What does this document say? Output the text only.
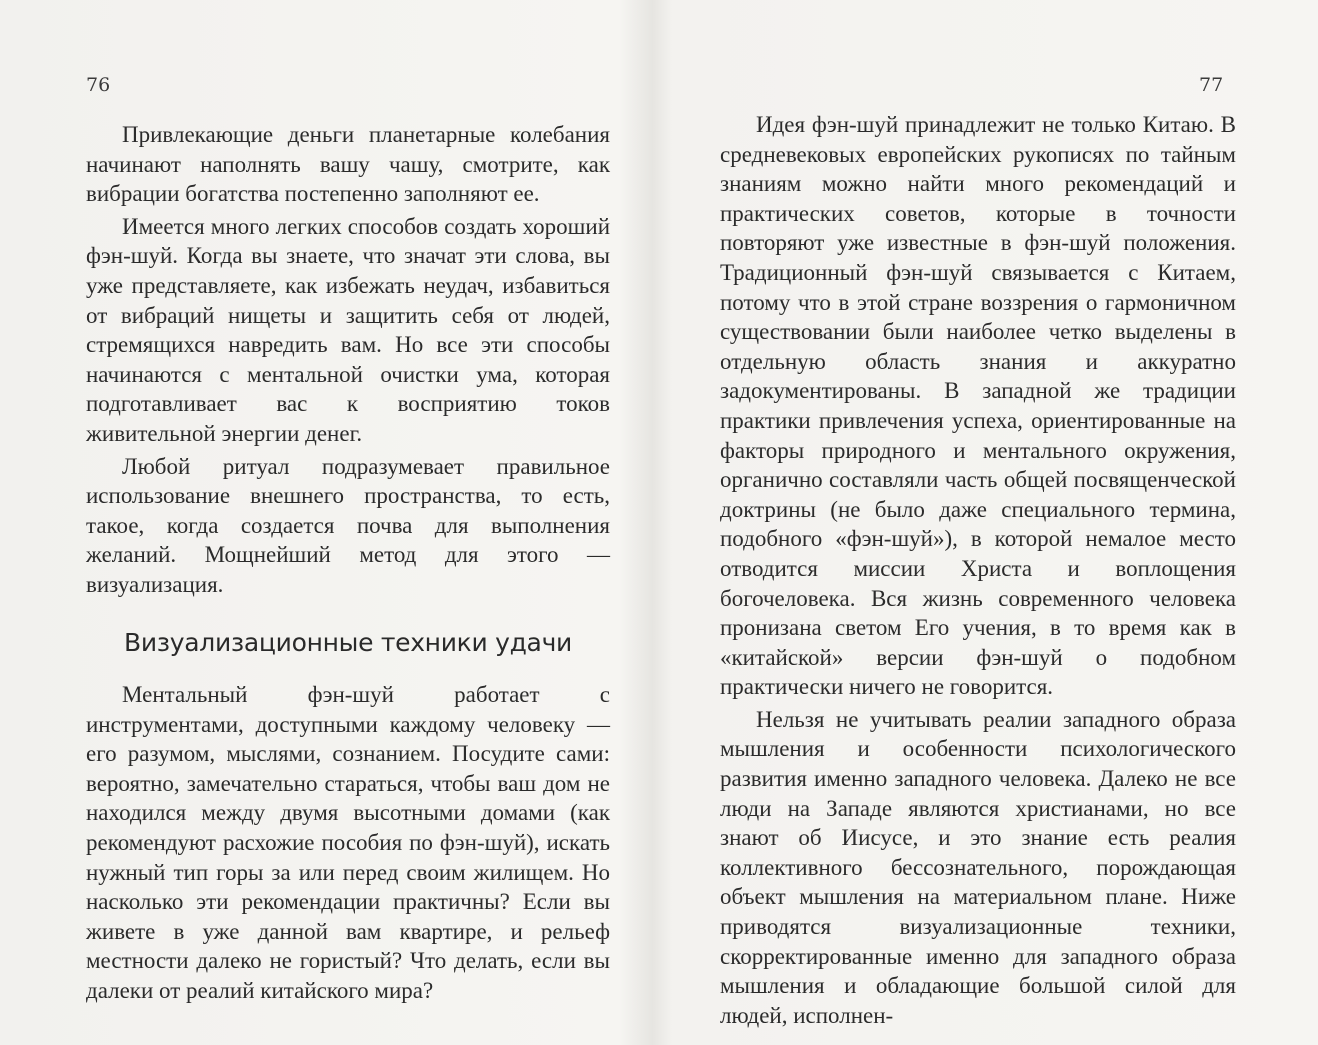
76

Привлекающие деньги планетарные колебания начинают наполнять вашу чашу, смотрите, как вибрации богатства постепенно заполняют ее.

Имеется много легких способов создать хороший фэн-шуй. Когда вы знаете, что значат эти слова, вы уже представляете, как избежать неудач, избавиться от вибраций нищеты и защитить себя от людей, стремящихся навредить вам. Но все эти способы начинаются с ментальной очистки ума, которая подготавливает вас к восприятию токов живительной энергии денег.

Любой ритуал подразумевает правильное использование внешнего пространства, то есть, такое, когда создается почва для выполнения желаний. Мощнейший метод для этого — визуализация.

Визуализационные техники удачи

Ментальный фэн-шуй работает с инструментами, доступными каждому человеку — его разумом, мыслями, сознанием. Посудите сами: вероятно, замечательно стараться, чтобы ваш дом не находился между двумя высотными домами (как рекомендуют расхожие пособия по фэн-шуй), искать нужный тип горы за или перед своим жилищем. Но насколько эти рекомендации практичны? Если вы живете в уже данной вам квартире, и рельеф местности далеко не гористый? Что делать, если вы далеки от реалий китайского мира?

77

Идея фэн-шуй принадлежит не только Китаю. В средневековых европейских рукописях по тайным знаниям можно найти много рекомендаций и практических советов, которые в точности повторяют уже известные в фэн-шуй положения. Традиционный фэн-шуй связывается с Китаем, потому что в этой стране воззрения о гармоничном существовании были наиболее четко выделены в отдельную область знания и аккуратно задокументированы. В западной же традиции практики привлечения успеха, ориентированные на факторы природного и ментального окружения, органично составляли часть общей посвященческой доктрины (не было даже специального термина, подобного «фэн-шуй»), в которой немалое место отводится миссии Христа и воплощения богочеловека. Вся жизнь современного человека пронизана светом Его учения, в то время как в «китайской» версии фэн-шуй о подобном практически ничего не говорится.

Нельзя не учитывать реалии западного образа мышления и особенности психологического развития именно западного человека. Далеко не все люди на Западе являются христианами, но все знают об Иисусе, и это знание есть реалия коллективного бессознательного, порождающая объект мышления на материальном плане. Ниже приводятся визуализационные техники, скорректированные именно для западного образа мышления и обладающие большой силой для людей, исполнен-
